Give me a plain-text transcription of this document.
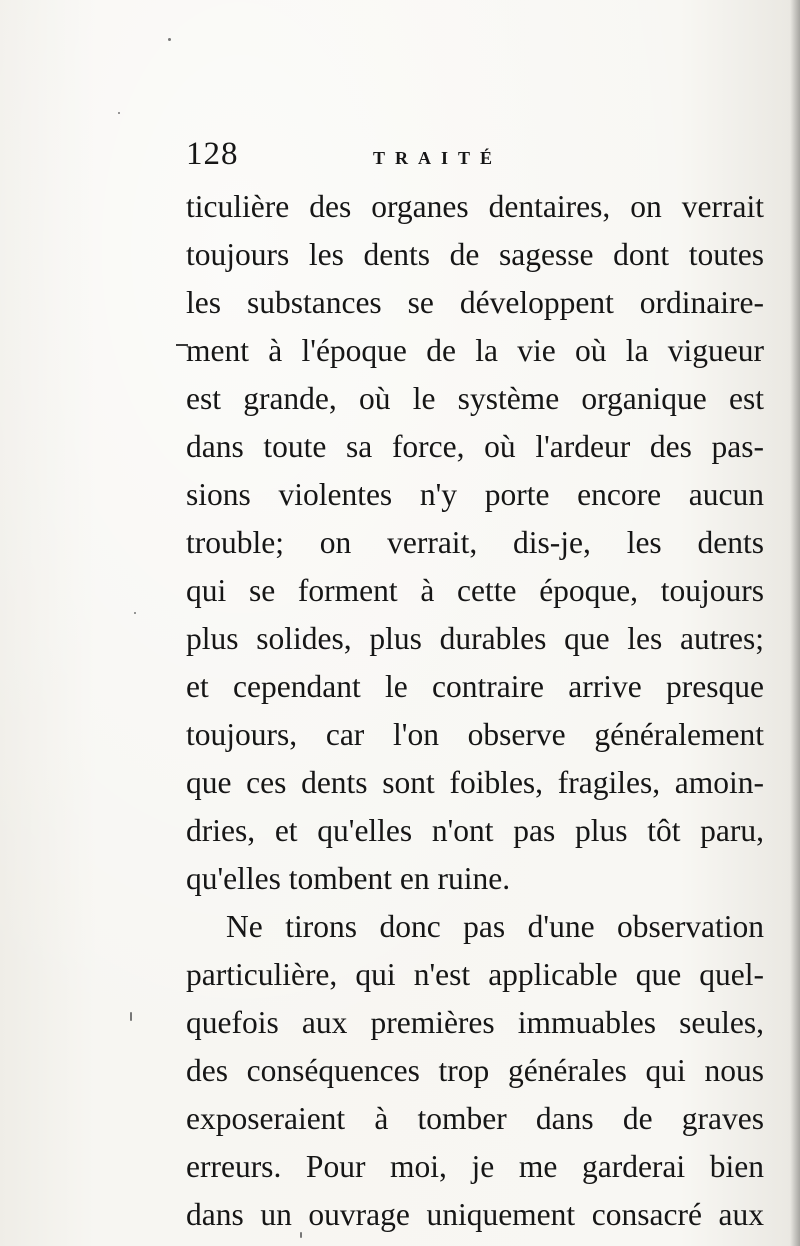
128	TRAITÉ
ticulière des organes dentaires, on verrait
toujours les dents de sagesse dont toutes
les substances se développent ordinaire-
ment à l'époque de la vie où la vigueur
est grande, où le système organique est
dans toute sa force, où l'ardeur des pas-
sions violentes n'y porte encore aucun
trouble; on verrait, dis-je, les dents
qui se forment à cette époque, toujours
plus solides, plus durables que les autres;
et cependant le contraire arrive presque
toujours, car l'on observe généralement
que ces dents sont foibles, fragiles, amoin-
dries, et qu'elles n'ont pas plus tôt paru,
qu'elles tombent en ruine.
Ne tirons donc pas d'une observation
particulière, qui n'est applicable que quel-
quefois aux premières immuables seules,
des conséquences trop générales qui nous
exposeraient à tomber dans de graves
erreurs. Pour moi, je me garderai bien
dans un ouvrage uniquement consacré aux
